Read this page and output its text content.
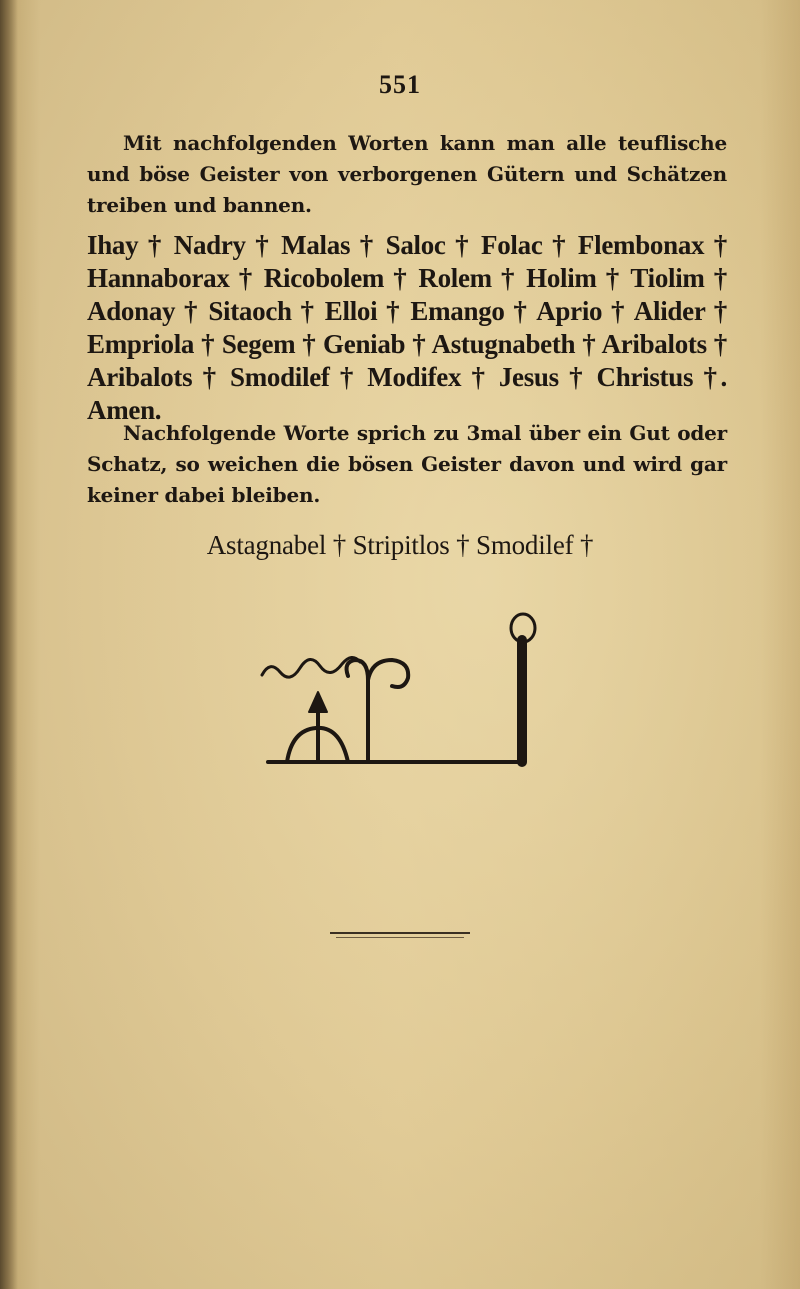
551

Mit nachfolgenden Worten kann man alle teuflische und böse Geister von verborgenen Gütern und Schätzen treiben und bannen.

Ihay † Nadry † Malas † Saloc † Folac † Flembonax † Hannaborax † Ricobolem † Rolem † Holim † Tiolim † Adonay † Sitaoch † Elloi † Emango † Aprio † Alider † Empriola † Segem † Geniab † Astugnabeth † Aribalots † Aribalots † Smodilef † Modifex † Jesus † Christus †. Amen.

Nachfolgende Worte sprich zu 3mal über ein Gut oder Schatz, so weichen die bösen Geister davon und wird gar keiner dabei bleiben.

Astagnabel † Stripitlos † Smodilef †
